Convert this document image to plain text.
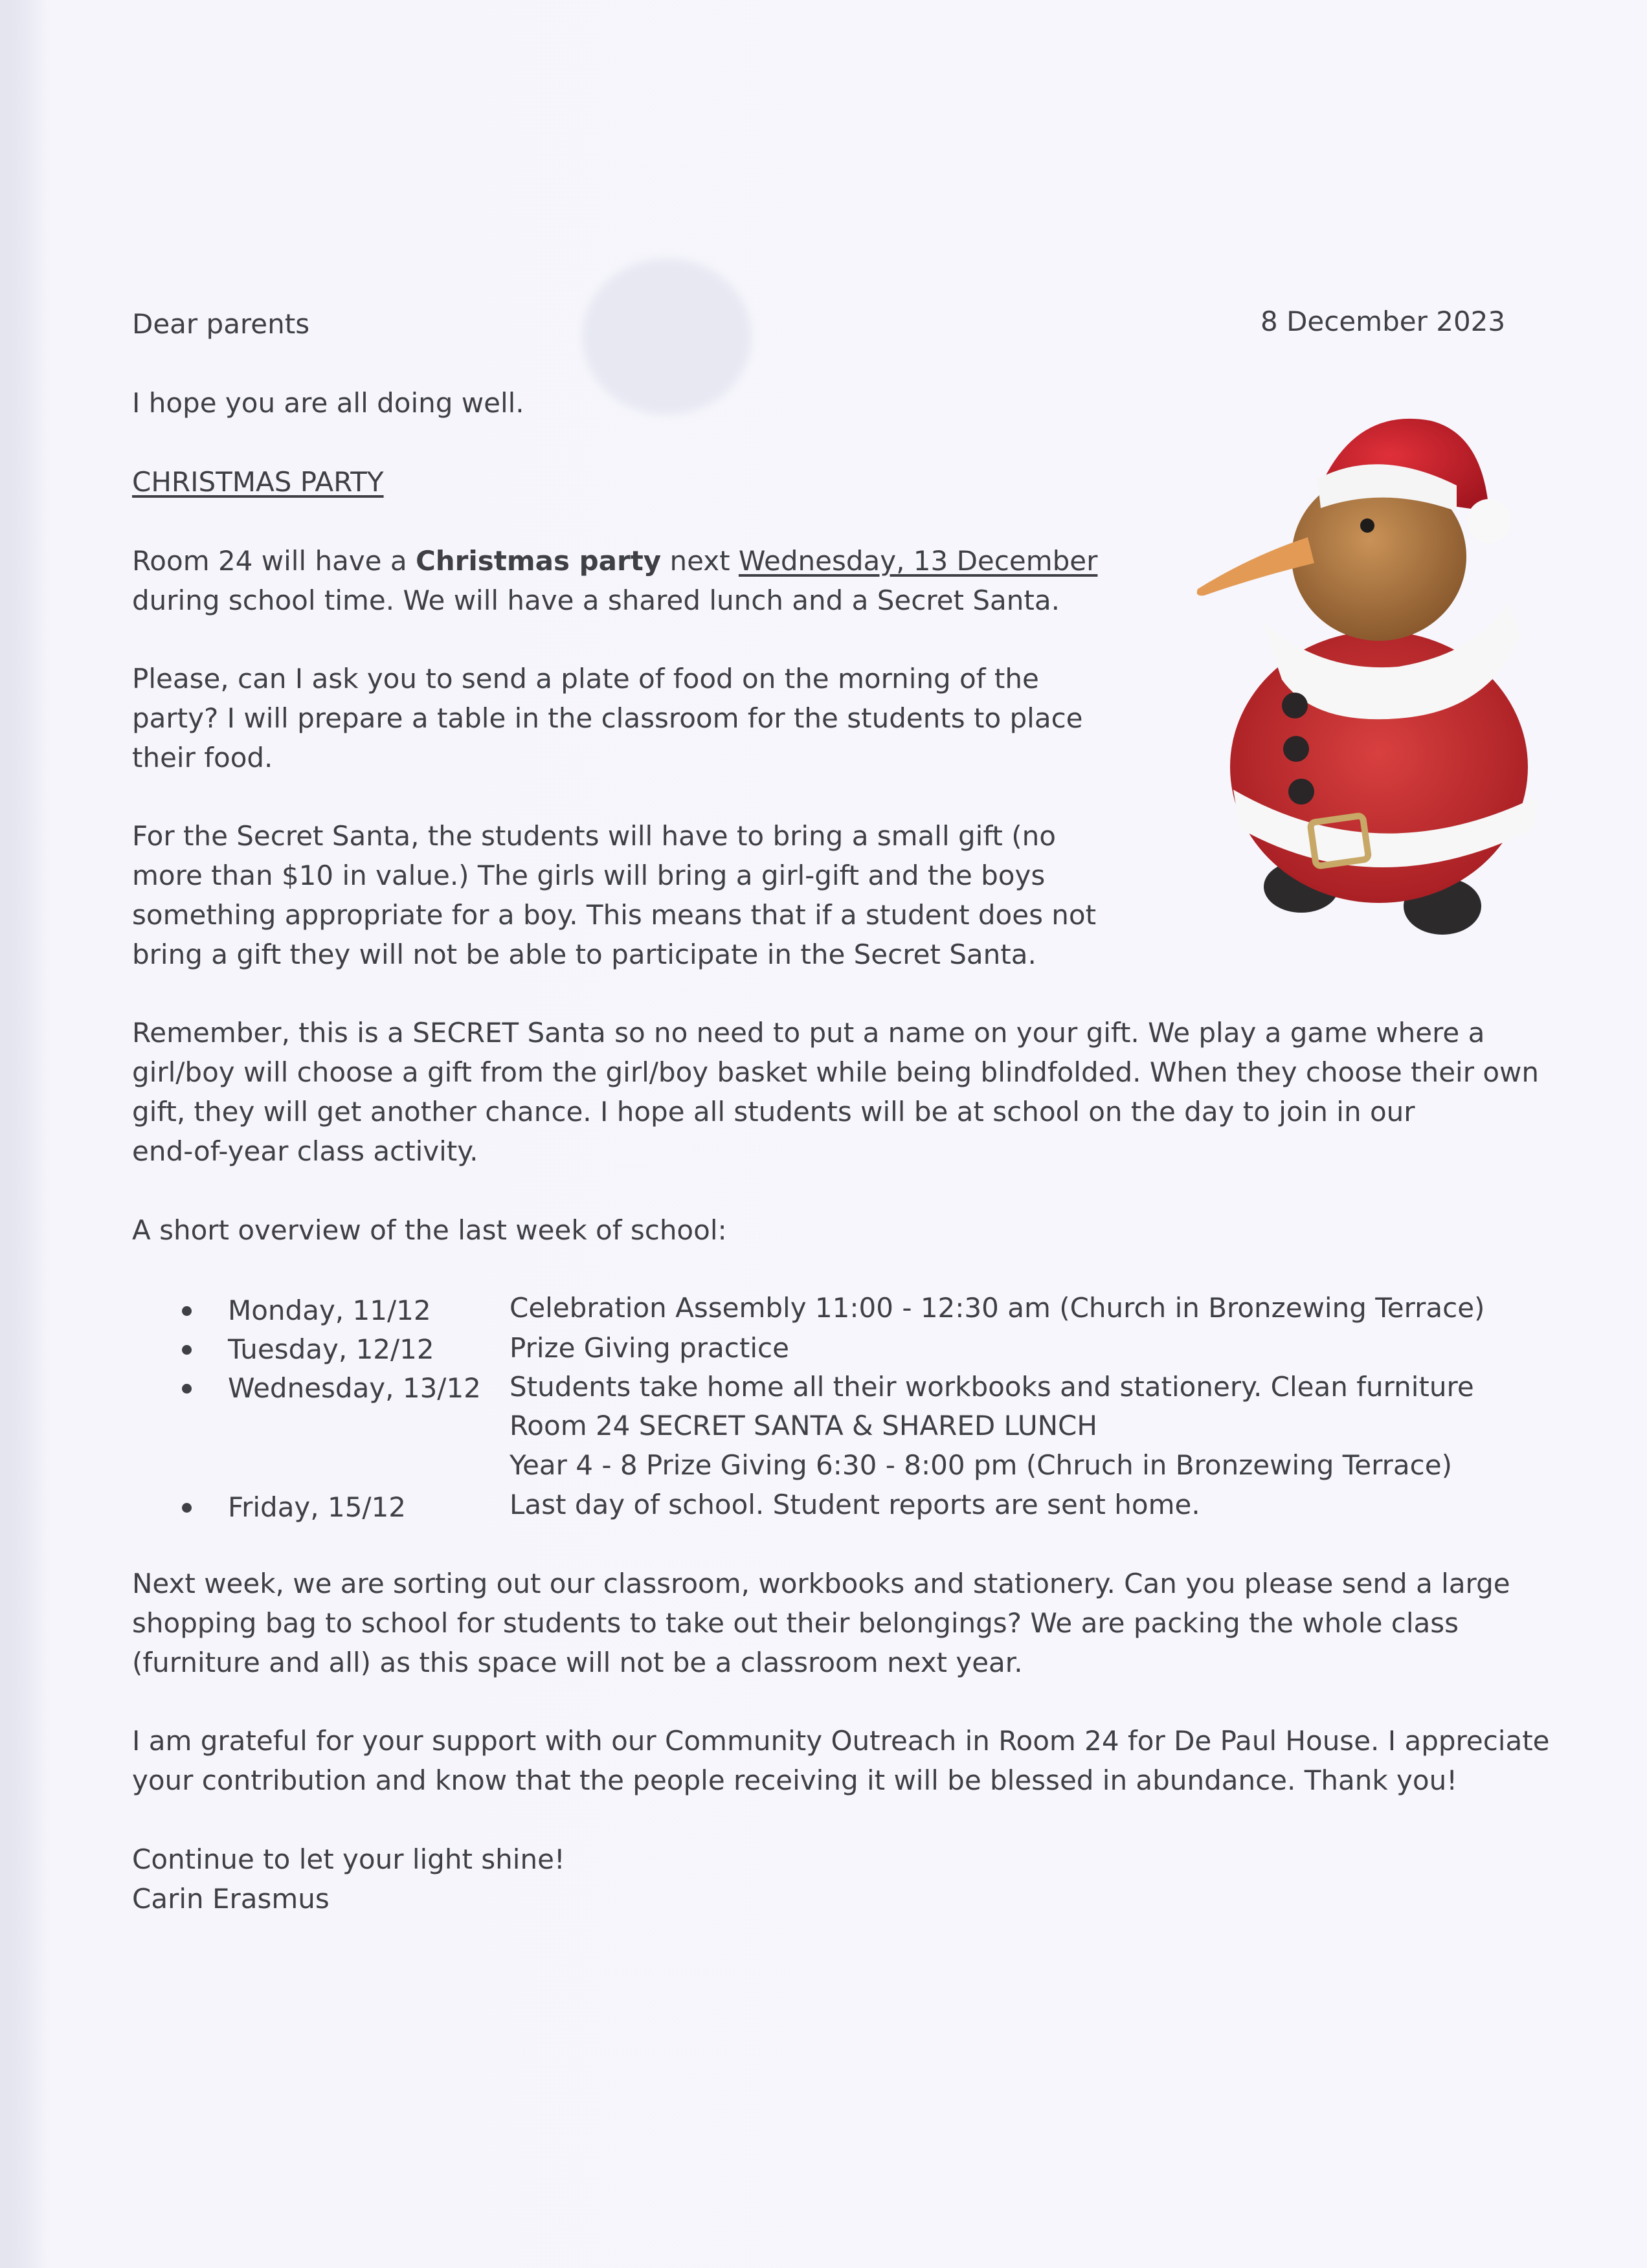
Dear parents	8 December 2023
I hope you are all doing well.
CHRISTMAS PARTY
Room 24 will have a Christmas party next Wednesday, 13 December
during school time. We will have a shared lunch and a Secret Santa.
Please, can I ask you to send a plate of food on the morning of the
party? I will prepare a table in the classroom for the students to place
their food.
For the Secret Santa, the students will have to bring a small gift (no
more than $10 in value.) The girls will bring a girl-gift and the boys
something appropriate for a boy. This means that if a student does not
bring a gift they will not be able to participate in the Secret Santa.
Remember, this is a SECRET Santa so no need to put a name on your gift. We play a game where a
girl/boy will choose a gift from the girl/boy basket while being blindfolded. When they choose their own
gift, they will get another chance. I hope all students will be at school on the day to join in our
end-of-year class activity.
A short overview of the last week of school:
Monday, 11/12	Celebration Assembly 11:00 - 12:30 am (Church in Bronzewing Terrace)
Tuesday, 12/12	Prize Giving practice
Wednesday, 13/12 Students take home all their workbooks and stationery. Clean furniture
Room 24 SECRET SANTA & SHARED LUNCH
Year 4 - 8 Prize Giving 6:30 - 8:00 pm (Chruch in Bronzewing Terrace)
Friday, 15/12	Last day of school. Student reports are sent home.
Next week, we are sorting out our classroom, workbooks and stationery. Can you please send a large
shopping bag to school for students to take out their belongings? We are packing the whole class
(furniture and all) as this space will not be a classroom next year.
I am grateful for your support with our Community Outreach in Room 24 for De Paul House. I appreciate
your contribution and know that the people receiving it will be blessed in abundance. Thank you!
Continue to let your light shine!
Carin Erasmus
